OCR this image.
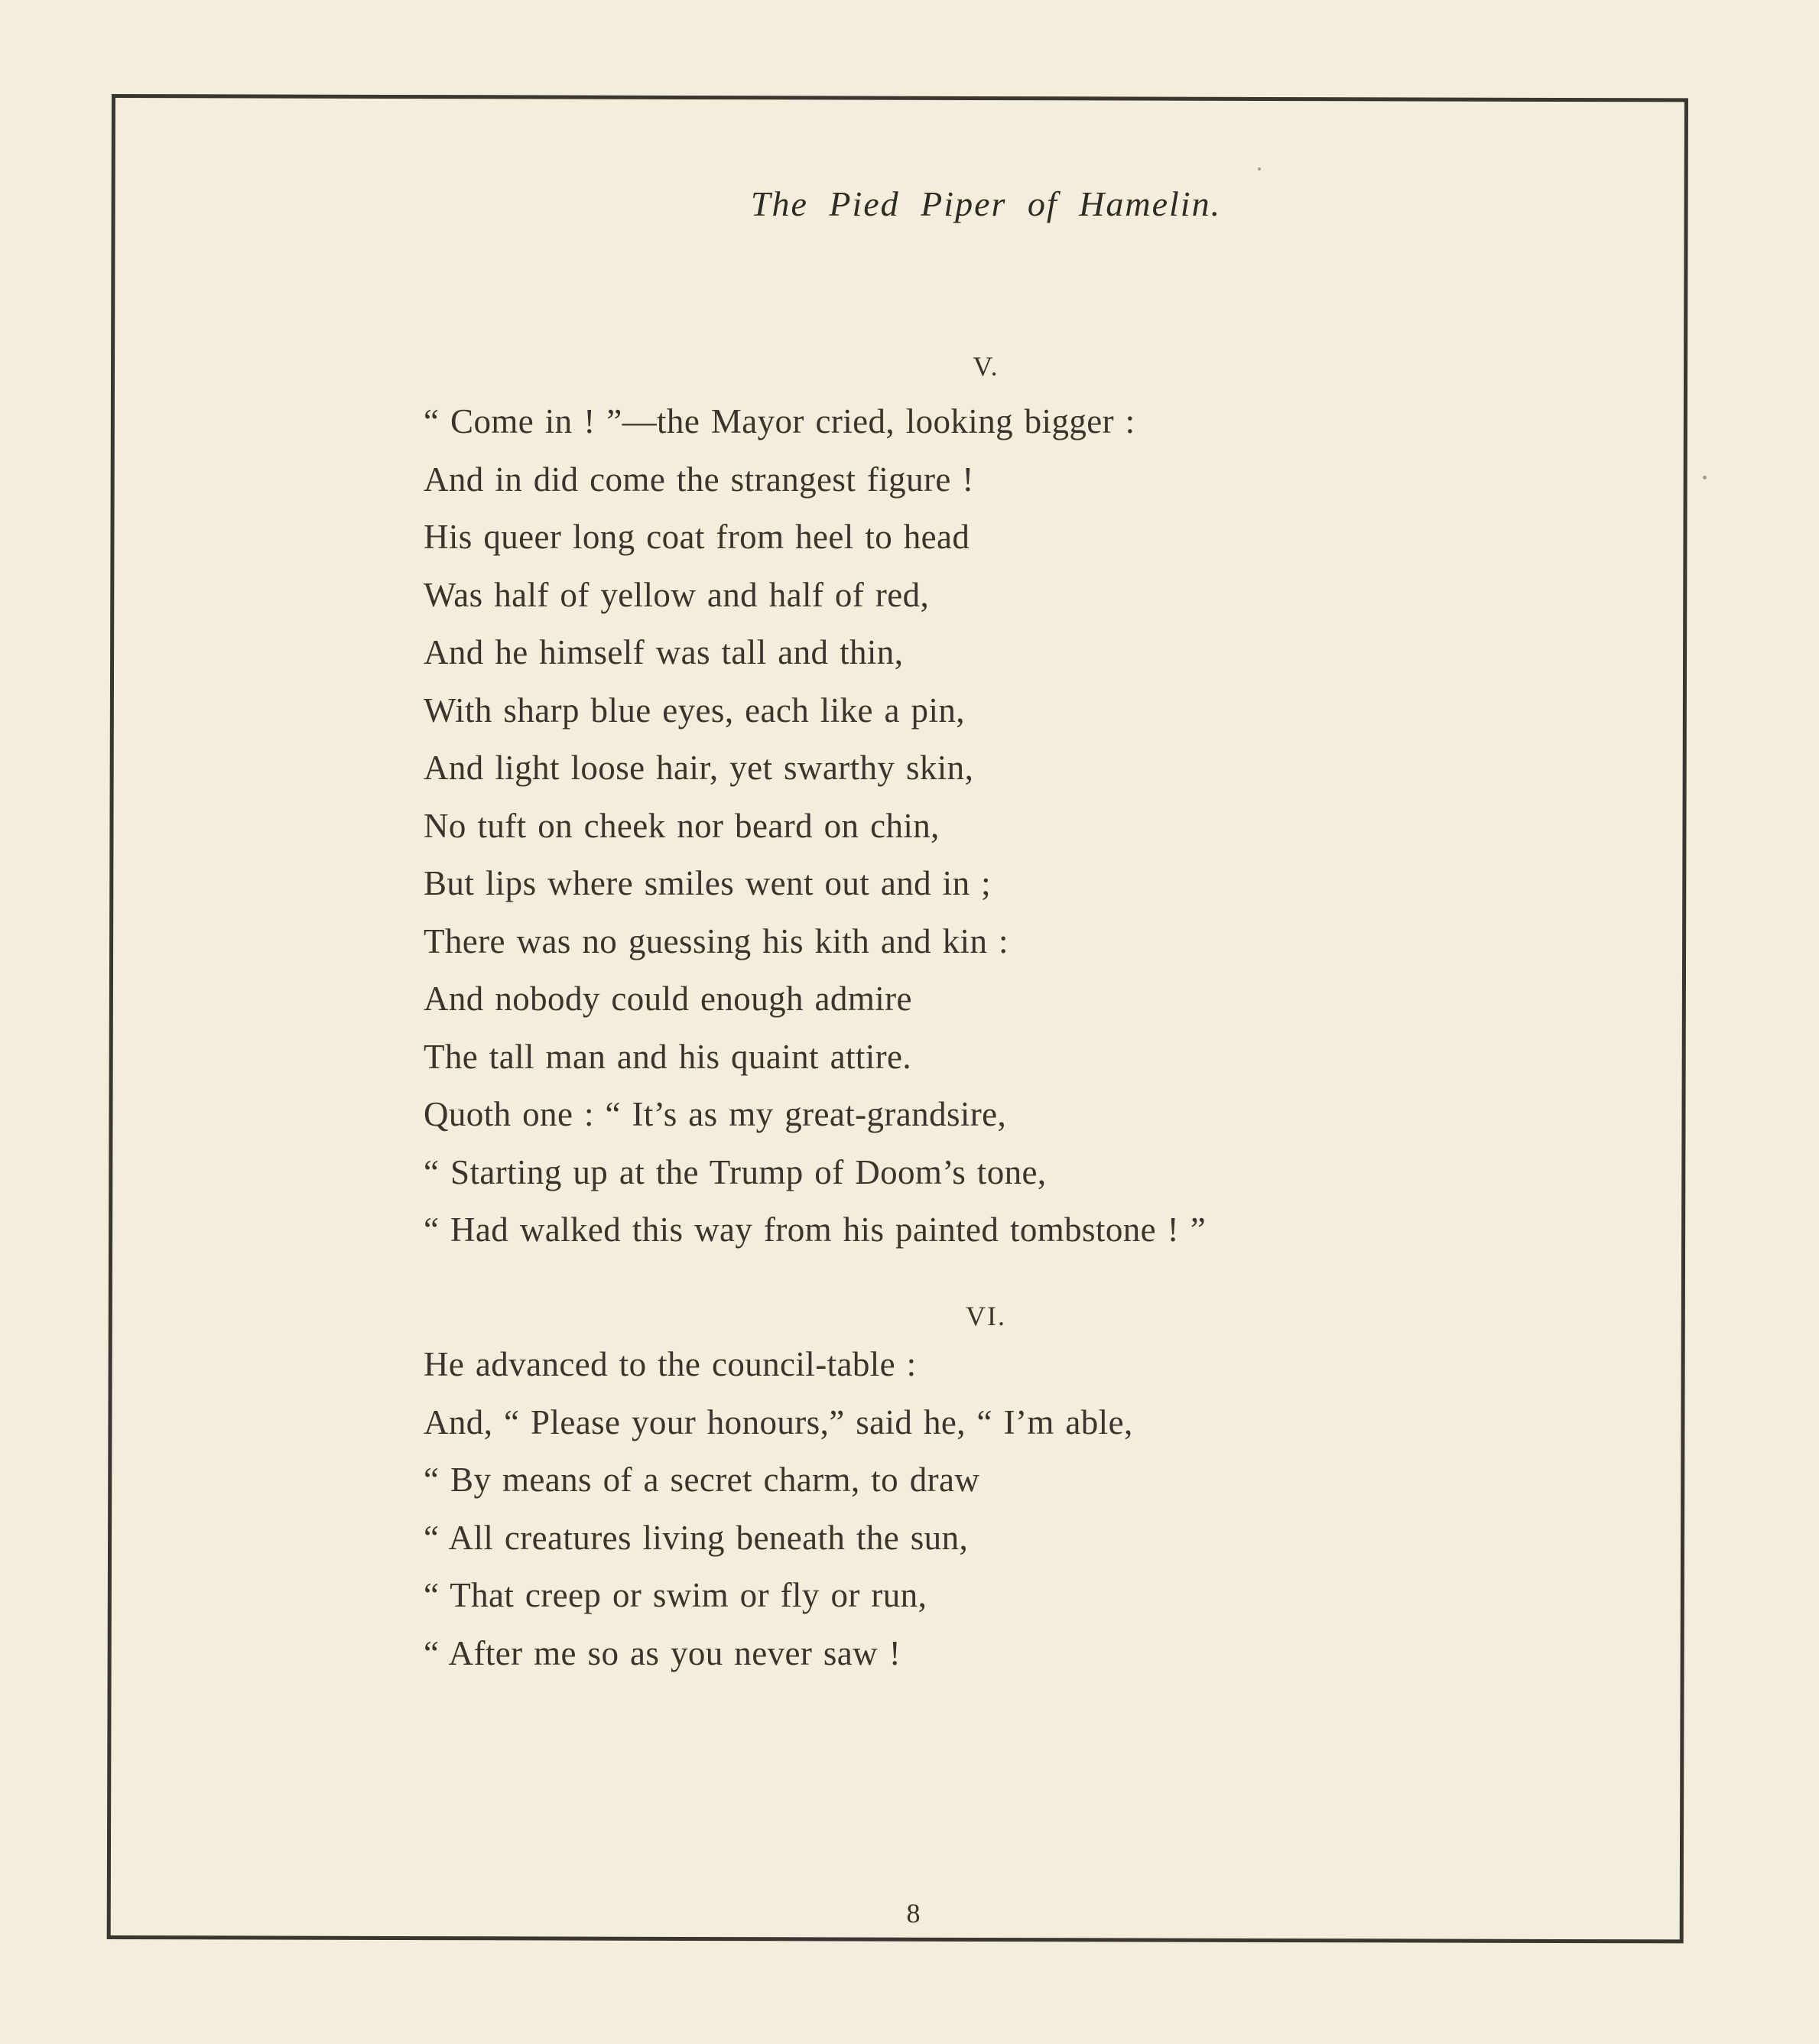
The Pied Piper of Hamelin.
V.
“ Come in ! ”—the Mayor cried, looking bigger :
And in did come the strangest figure !
His queer long coat from heel to head
Was half of yellow and half of red,
And he himself was tall and thin,
With sharp blue eyes, each like a pin,
And light loose hair, yet swarthy skin,
No tuft on cheek nor beard on chin,
But lips where smiles went out and in ;
There was no guessing his kith and kin :
And nobody could enough admire
The tall man and his quaint attire.
Quoth one : “ It’s as my great-grandsire,
“ Starting up at the Trump of Doom’s tone,
“ Had walked this way from his painted tombstone ! ”
VI.
He advanced to the council-table :
And, “ Please your honours,” said he, “ I’m able,
“ By means of a secret charm, to draw
“ All creatures living beneath the sun,
“ That creep or swim or fly or run,
“ After me so as you never saw !
8
